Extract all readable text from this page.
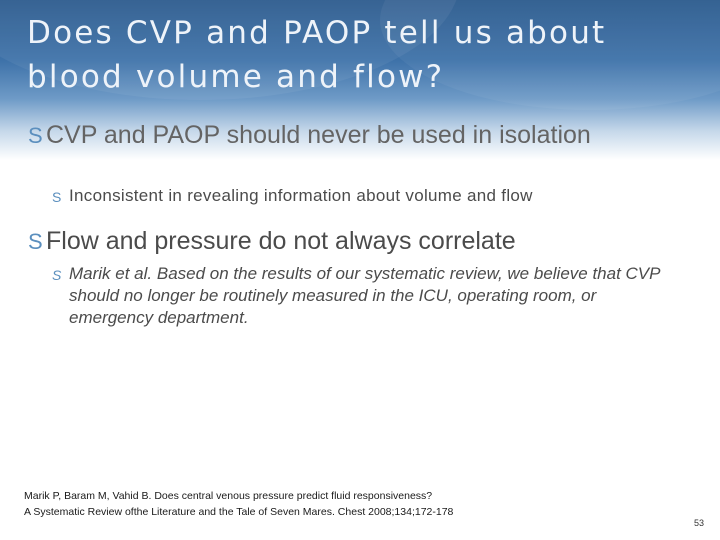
Does CVP and PAOP tell us about blood volume and flow?
S CVP and PAOP should never be used in isolation
S Inconsistent in revealing information about volume and flow
S Flow and pressure do not always correlate
S Marik et al. Based on the results of our systematic review, we believe that CVP should no longer be routinely measured in the ICU, operating room, or emergency department.
Marik P, Baram M, Vahid B. Does central venous pressure predict fluid responsiveness?
A Systematic Review ofthe Literature and the Tale of Seven Mares. Chest 2008;134;172-178
53
